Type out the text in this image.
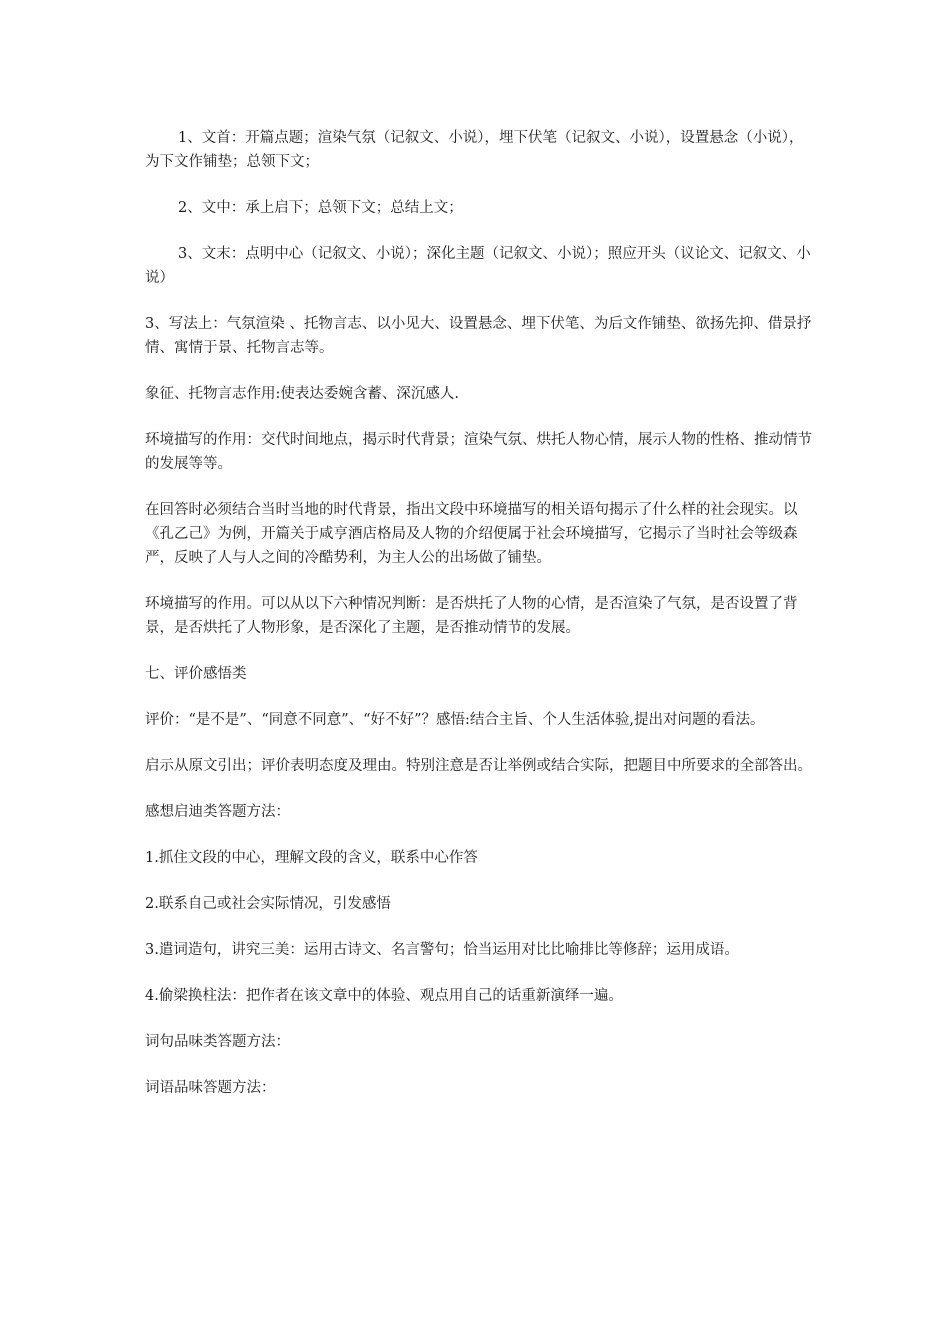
1、文首：开篇点题；渲染气氛（记叙文、小说），埋下伏笔（记叙文、小说），设置悬念（小说），为下文作铺垫；总领下文；

2、文中：承上启下；总领下文；总结上文；

3、文末：点明中心（记叙文、小说）；深化主题（记叙文、小说）；照应开头（议论文、记叙文、小说）

3、写法上：气氛渲染 、托物言志、以小见大、设置悬念、埋下伏笔、为后文作铺垫、欲扬先抑、借景抒情、寓情于景、托物言志等。

象征、托物言志作用:使表达委婉含蓄、深沉感人.

环境描写的作用：交代时间地点，揭示时代背景；渲染气氛、烘托人物心情，展示人物的性格、推动情节的发展等等。

在回答时必须结合当时当地的时代背景，指出文段中环境描写的相关语句揭示了什么样的社会现实。以《孔乙己》为例，开篇关于咸亨酒店格局及人物的介绍便属于社会环境描写，它揭示了当时社会等级森严，反映了人与人之间的冷酷势利，为主人公的出场做了铺垫。

环境描写的作用。可以从以下六种情况判断：是否烘托了人物的心情，是否渲染了气氛，是否设置了背景，是否烘托了人物形象，是否深化了主题，是否推动情节的发展。

七、评价感悟类

评价：“是不是”、“同意不同意”、“好不好”？感悟:结合主旨、个人生活体验,提出对问题的看法。

启示从原文引出；评价表明态度及理由。特别注意是否让举例或结合实际，把题目中所要求的全部答出。

感想启迪类答题方法：

1.抓住文段的中心，理解文段的含义，联系中心作答

2.联系自己或社会实际情况，引发感悟

3.遣词造句，讲究三美：运用古诗文、名言警句；恰当运用对比比喻排比等修辞；运用成语。

4.偷梁换柱法：把作者在该文章中的体验、观点用自己的话重新演绎一遍。

词句品味类答题方法：

词语品味答题方法：
